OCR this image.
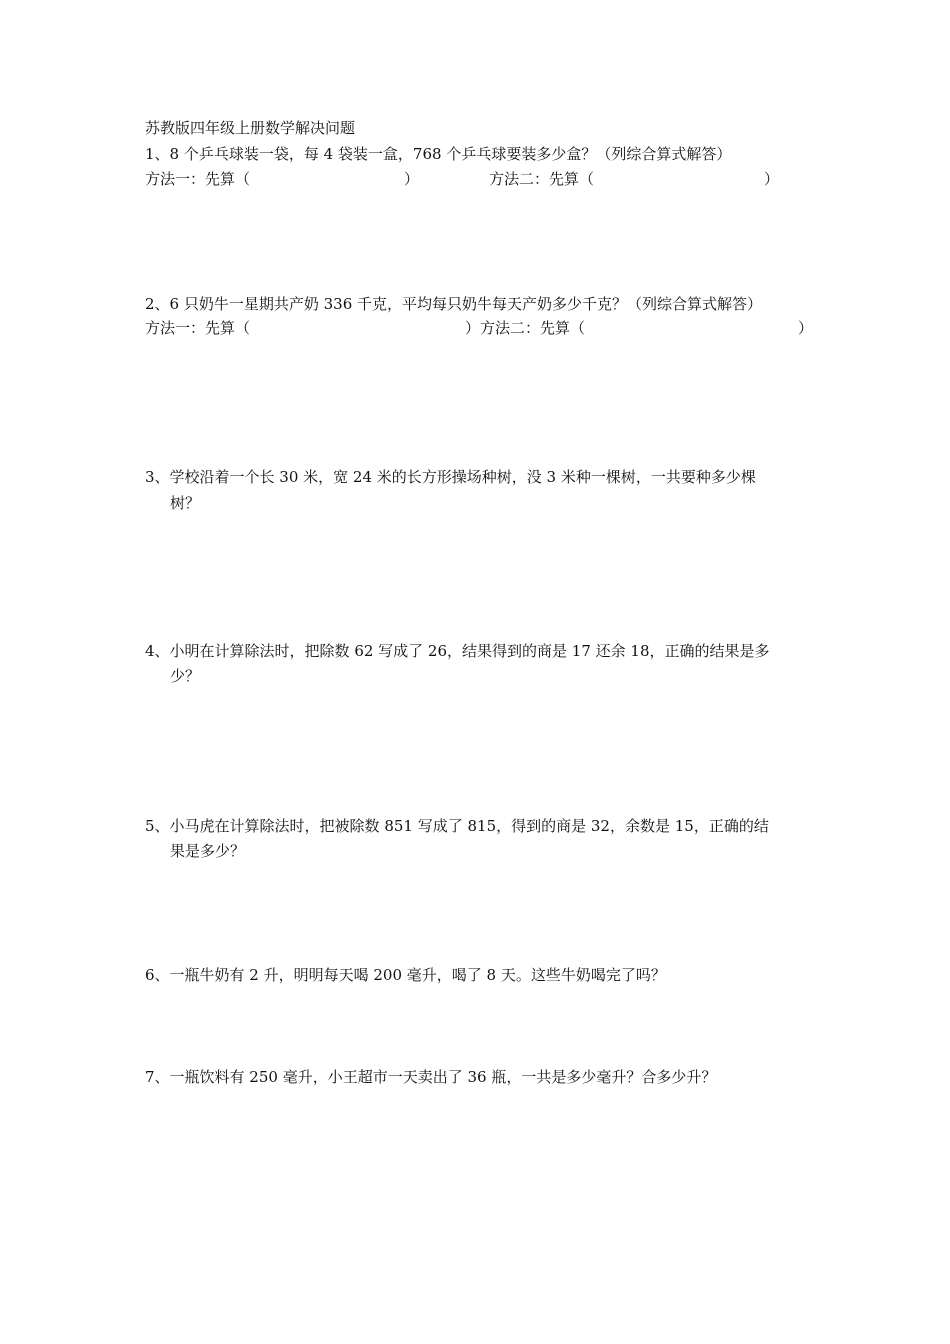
苏教版四年级上册数学解决问题
1、8 个乒乓球装一袋，每 4 袋装一盒，768 个乒乓球要装多少盒？（列综合算式解答）
方法一：先算（	）	方法二：先算（	）
2、6 只奶牛一星期共产奶 336 千克，平均每只奶牛每天产奶多少千克？（列综合算式解答）
方法一：先算（	）方法二：先算（	）
3、学校沿着一个长 30 米，宽 24 米的长方形操场种树，没 3 米种一棵树，一共要种多少棵
树？
4、小明在计算除法时，把除数 62 写成了 26，结果得到的商是 17 还余 18，正确的结果是多
少？
5、小马虎在计算除法时，把被除数 851 写成了 815，得到的商是 32，余数是 15，正确的结
果是多少？
6、一瓶牛奶有 2 升，明明每天喝 200 毫升，喝了 8 天。这些牛奶喝完了吗？
7、一瓶饮料有 250 毫升，小王超市一天卖出了 36 瓶，一共是多少毫升？合多少升？
